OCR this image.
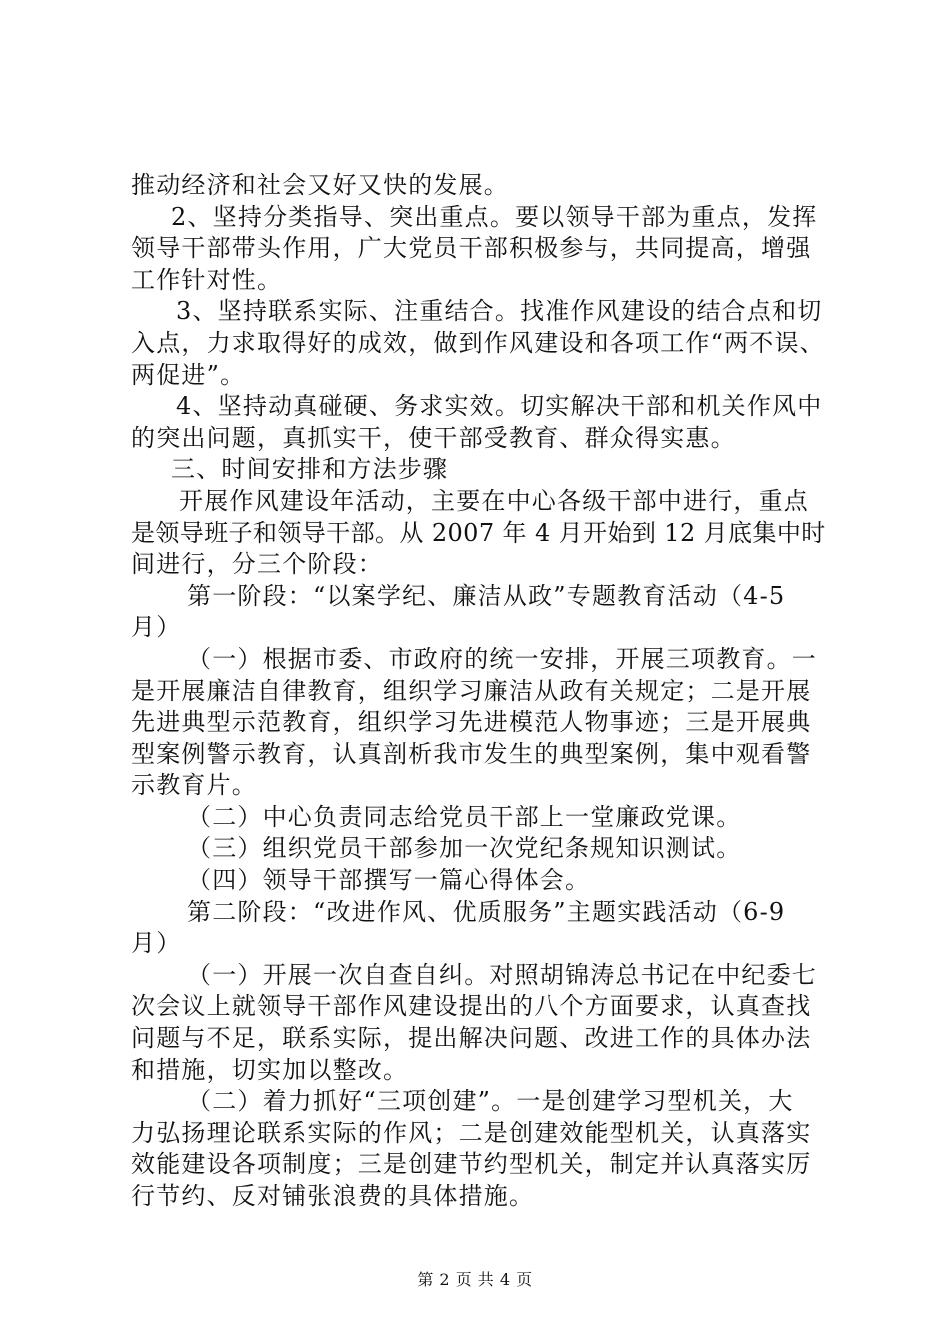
推动经济和社会又好又快的发展。
2、坚持分类指导、突出重点。要以领导干部为重点，发挥
领导干部带头作用，广大党员干部积极参与，共同提高，增强
工作针对性。
3、坚持联系实际、注重结合。找准作风建设的结合点和切
入点，力求取得好的成效，做到作风建设和各项工作“两不误、
两促进”。
4、坚持动真碰硬、务求实效。切实解决干部和机关作风中
的突出问题，真抓实干，使干部受教育、群众得实惠。
三、时间安排和方法步骤
开展作风建设年活动，主要在中心各级干部中进行，重点
是领导班子和领导干部。从 2007 年 4 月开始到 12 月底集中时
间进行，分三个阶段：
第一阶段：“以案学纪、廉洁从政”专题教育活动（4-5
月）
（一）根据市委、市政府的统一安排，开展三项教育。一
是开展廉洁自律教育，组织学习廉洁从政有关规定；二是开展
先进典型示范教育，组织学习先进模范人物事迹；三是开展典
型案例警示教育，认真剖析我市发生的典型案例，集中观看警
示教育片。
（二）中心负责同志给党员干部上一堂廉政党课。
（三）组织党员干部参加一次党纪条规知识测试。
（四）领导干部撰写一篇心得体会。
第二阶段：“改进作风、优质服务”主题实践活动（6-9
月）
（一）开展一次自查自纠。对照胡锦涛总书记在中纪委七
次会议上就领导干部作风建设提出的八个方面要求，认真查找
问题与不足，联系实际，提出解决问题、改进工作的具体办法
和措施，切实加以整改。
（二）着力抓好“三项创建”。一是创建学习型机关，大
力弘扬理论联系实际的作风；二是创建效能型机关，认真落实
效能建设各项制度；三是创建节约型机关，制定并认真落实厉
行节约、反对铺张浪费的具体措施。
第 2 页 共 4 页
